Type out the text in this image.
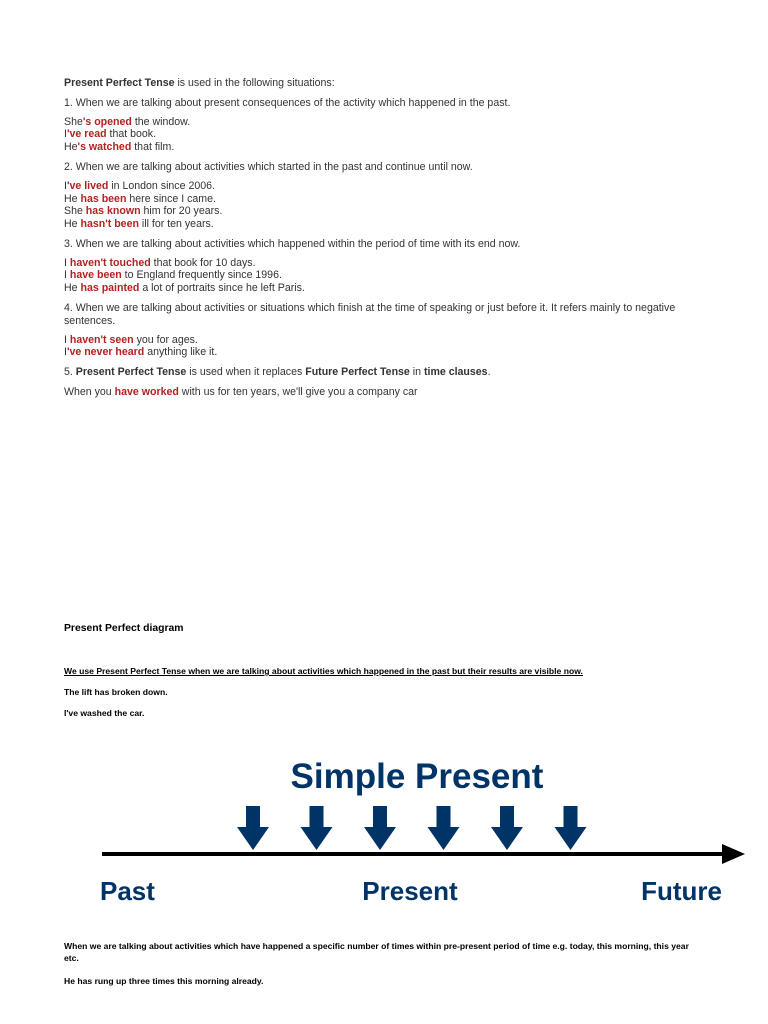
Present Perfect Tense is used in the following situations:
1. When we are talking about present consequences of the activity which happened in the past.
She's opened the window.
I've read that book.
He's watched that film.
2. When we are talking about activities which started in the past and continue until now.
I've lived in London since 2006.
He has been here since I came.
She has known him for 20 years.
He hasn't been ill for ten years.
3. When we are talking about activities which happened within the period of time with its end now.
I haven't touched that book for 10 days.
I have been to England frequently since 1996.
He has painted a lot of portraits since he left Paris.
4. When we are talking about activities or situations which finish at the time of speaking or just before it. It refers mainly to negative sentences.
I haven't seen you for ages.
I've never heard anything like it.
5. Present Perfect Tense is used when it replaces Future Perfect Tense in time clauses.
When you have worked with us for ten years, we'll give you a company car
Present Perfect diagram
We use Present Perfect Tense when we are talking about activities which happened in the past but their results are visible now.
The lift has broken down.
I've washed the car.
When we are talking about activities which have happened a specific number of times within pre-present period of time e.g. today, this morning, this year etc.
He has rung up three times this morning already.
Simple Present
Past	Present	Future
